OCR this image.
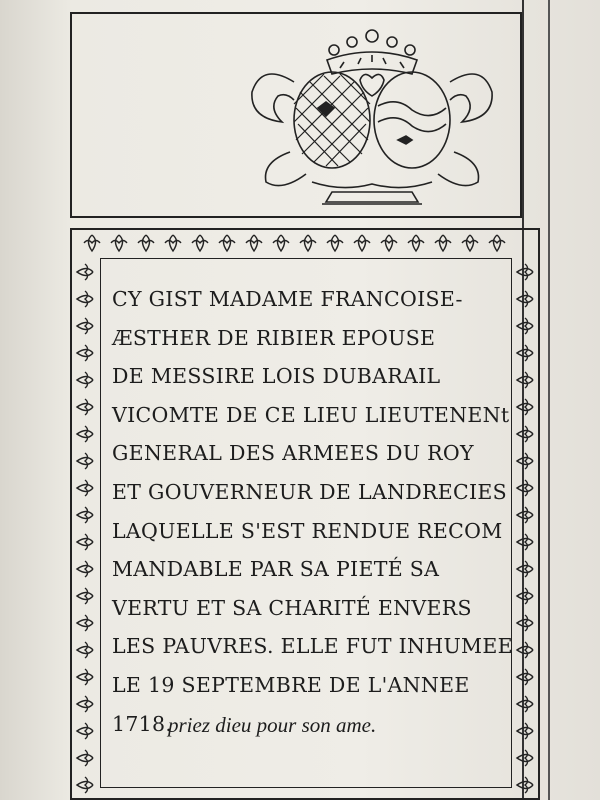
CY GIST MADAME FRANCOISE-
ÆSTHER DE RIBIER EPOUSE
DE MESSIRE LOIS DUBARAIL
VICOMTE DE CE LIEU LIEUTENENt
GENERAL DES ARMEES DU ROY
ET GOUVERNEUR DE LANDRECIES
LAQUELLE S'EST RENDUE RECOM
MANDABLE PAR SA PIETÉ SA
VERTU ET SA CHARITÉ ENVERS
LES PAUVRES. ELLE FUT INHUMEE
LE 19 SEPTEMBRE DE L'ANNEE
1718.
priez dieu pour son ame.
